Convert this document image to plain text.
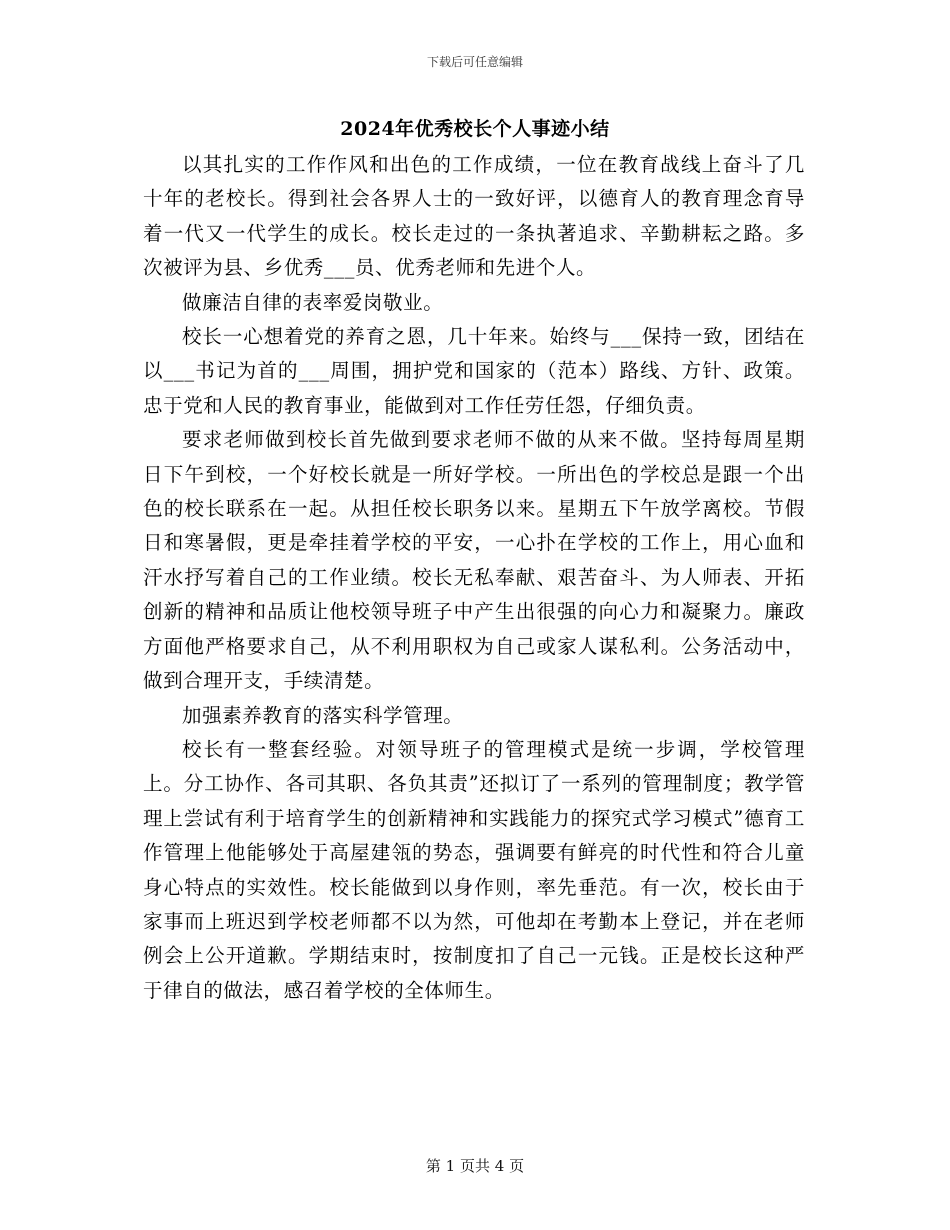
下载后可任意编辑
2024年优秀校长个人事迹小结

以其扎实的工作作风和出色的工作成绩，一位在教育战线上奋斗了几十年的老校长。得到社会各界人士的一致好评，以德育人的教育理念育导着一代又一代学生的成长。校长走过的一条执著追求、辛勤耕耘之路。多次被评为县、乡优秀___员、优秀老师和先进个人。

做廉洁自律的表率爱岗敬业。

校长一心想着党的养育之恩，几十年来。始终与___保持一致，团结在以___书记为首的___周围，拥护党和国家的（范本）路线、方针、政策。忠于党和人民的教育事业，能做到对工作任劳任怨，仔细负责。

要求老师做到校长首先做到要求老师不做的从来不做。坚持每周星期日下午到校，一个好校长就是一所好学校。一所出色的学校总是跟一个出色的校长联系在一起。从担任校长职务以来。星期五下午放学离校。节假日和寒暑假，更是牵挂着学校的平安，一心扑在学校的工作上，用心血和汗水抒写着自己的工作业绩。校长无私奉献、艰苦奋斗、为人师表、开拓创新的精神和品质让他校领导班子中产生出很强的向心力和凝聚力。廉政方面他严格要求自己，从不利用职权为自己或家人谋私利。公务活动中，做到合理开支，手续清楚。

加强素养教育的落实科学管理。

校长有一整套经验。对领导班子的管理模式是统一步调，学校管理上。分工协作、各司其职、各负其责”还拟订了一系列的管理制度；教学管理上尝试有利于培育学生的创新精神和实践能力的探究式学习模式”德育工作管理上他能够处于高屋建瓴的势态，强调要有鲜亮的时代性和符合儿童身心特点的实效性。校长能做到以身作则，率先垂范。有一次，校长由于家事而上班迟到学校老师都不以为然，可他却在考勤本上登记，并在老师例会上公开道歉。学期结束时，按制度扣了自己一元钱。正是校长这种严于律自的做法，感召着学校的全体师生。

第 1 页共 4 页
